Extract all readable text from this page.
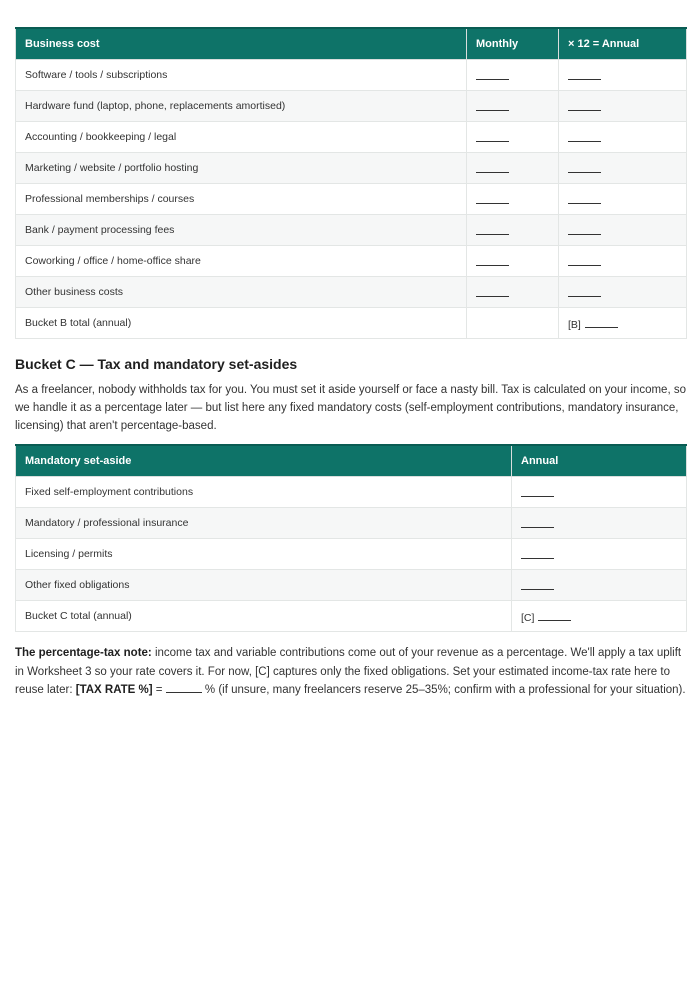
Business cost	Monthly	× 12 = Annual
Software / tools / subscriptions		
Hardware fund (laptop, phone, replacements amortised)		
Accounting / bookkeeping / legal		
Marketing / website / portfolio hosting		
Professional memberships / courses		
Bank / payment processing fees		
Coworking / office / home-office share		
Other business costs		
Bucket B total (annual)		[B]
Bucket C — Tax and mandatory set-asides

As a freelancer, nobody withholds tax for you. You must set it aside yourself or face a nasty bill. Tax is calculated on your income, so we handle it as a percentage later — but list here any fixed mandatory costs (self-employment contributions, mandatory insurance, licensing) that aren't percentage-based.

Mandatory set-aside	Annual
Fixed self-employment contributions	
Mandatory / professional insurance	
Licensing / permits	
Other fixed obligations	
Bucket C total (annual)	[C]

The percentage-tax note: income tax and variable contributions come out of your revenue as a percentage. We'll apply a tax uplift in Worksheet 3 so your rate covers it. For now, [C] captures only the fixed obligations. Set your estimated income-tax rate here to reuse later: [TAX RATE %] =	% (if unsure, many freelancers reserve 25–35%; confirm with a professional for your situation).
